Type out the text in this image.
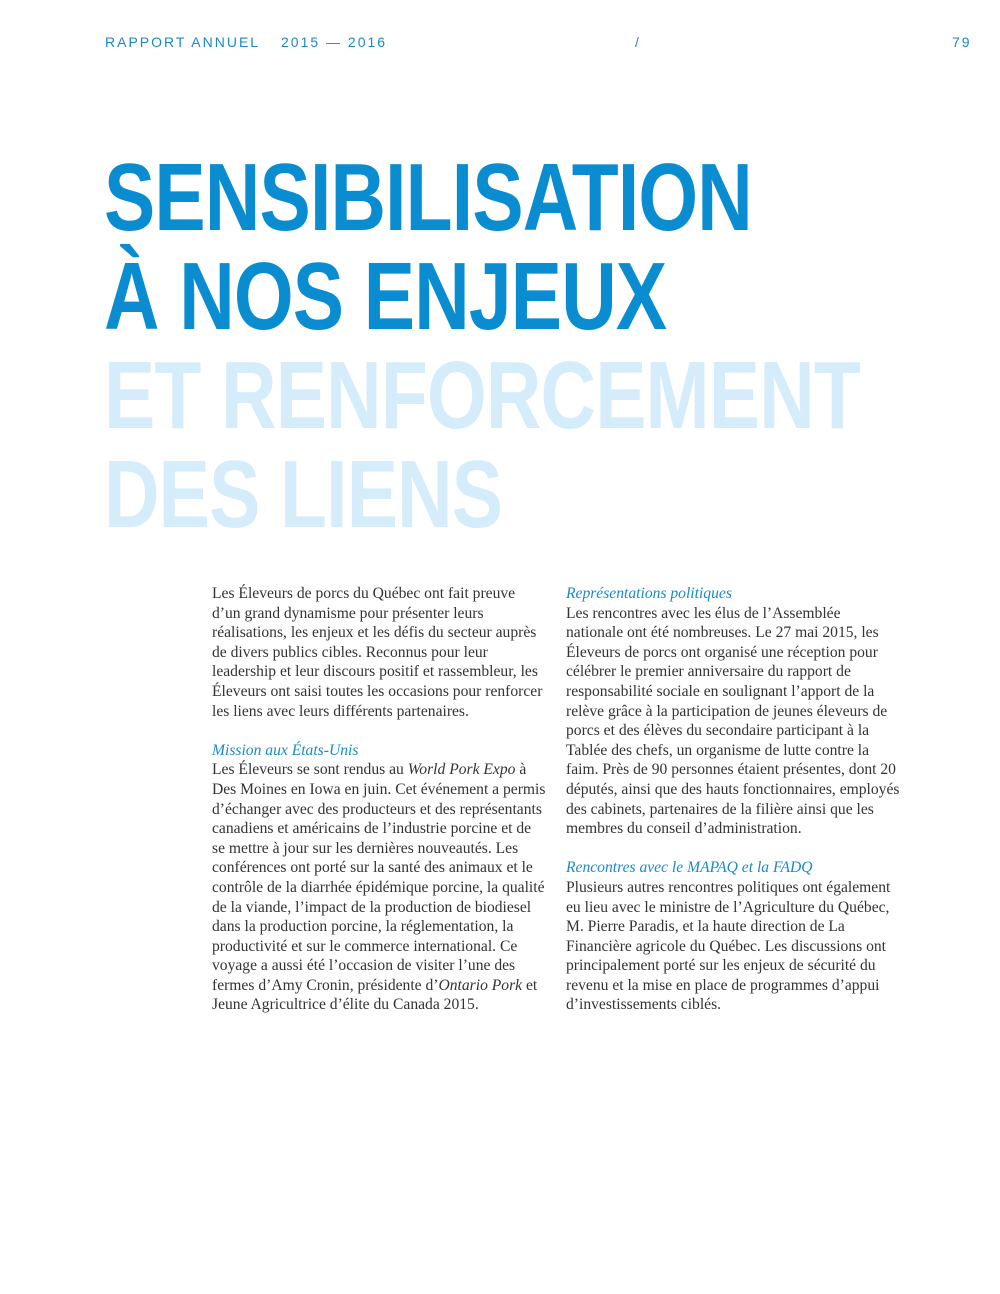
RAPPORT ANNUEL 2015 — 2016	/	79
SENSIBILISATION
À NOS ENJEUX
ET RENFORCEMENT
DES LIENS

Les Éleveurs de porcs du Québec ont fait preuve d’un grand dynamisme pour présenter leurs réalisations, les enjeux et les défis du secteur auprès de divers publics cibles. Reconnus pour leur leadership et leur discours positif et rassembleur, les Éleveurs ont saisi toutes les occasions pour renforcer les liens avec leurs différents partenaires.

Mission aux États-Unis
Les Éleveurs se sont rendus au World Pork Expo à Des Moines en Iowa en juin. Cet événement a permis d’échanger avec des producteurs et des représentants canadiens et américains de l’industrie porcine et de se mettre à jour sur les dernières nouveautés. Les conférences ont porté sur la santé des animaux et le contrôle de la diarrhée épidémique porcine, la qualité de la viande, l’impact de la production de biodiesel dans la production porcine, la réglementation, la productivité et sur le commerce international. Ce voyage a aussi été l’occasion de visiter l’une des fermes d’Amy Cronin, présidente d’Ontario Pork et Jeune Agricultrice d’élite du Canada 2015.

Représentations politiques
Les rencontres avec les élus de l’Assemblée nationale ont été nombreuses. Le 27 mai 2015, les Éleveurs de porcs ont organisé une réception pour célébrer le premier anniversaire du rapport de responsabilité sociale en soulignant l’apport de la relève grâce à la participation de jeunes éleveurs de porcs et des élèves du secondaire participant à la Tablée des chefs, un organisme de lutte contre la faim. Près de 90 personnes étaient présentes, dont 20 députés, ainsi que des hauts fonctionnaires, employés des cabinets, partenaires de la filière ainsi que les membres du conseil d’administration.

Rencontres avec le MAPAQ et la FADQ
Plusieurs autres rencontres politiques ont également eu lieu avec le ministre de l’Agriculture du Québec, M. Pierre Paradis, et la haute direction de La Financière agricole du Québec. Les discussions ont principalement porté sur les enjeux de sécurité du revenu et la mise en place de programmes d’appui d’investissements ciblés.
